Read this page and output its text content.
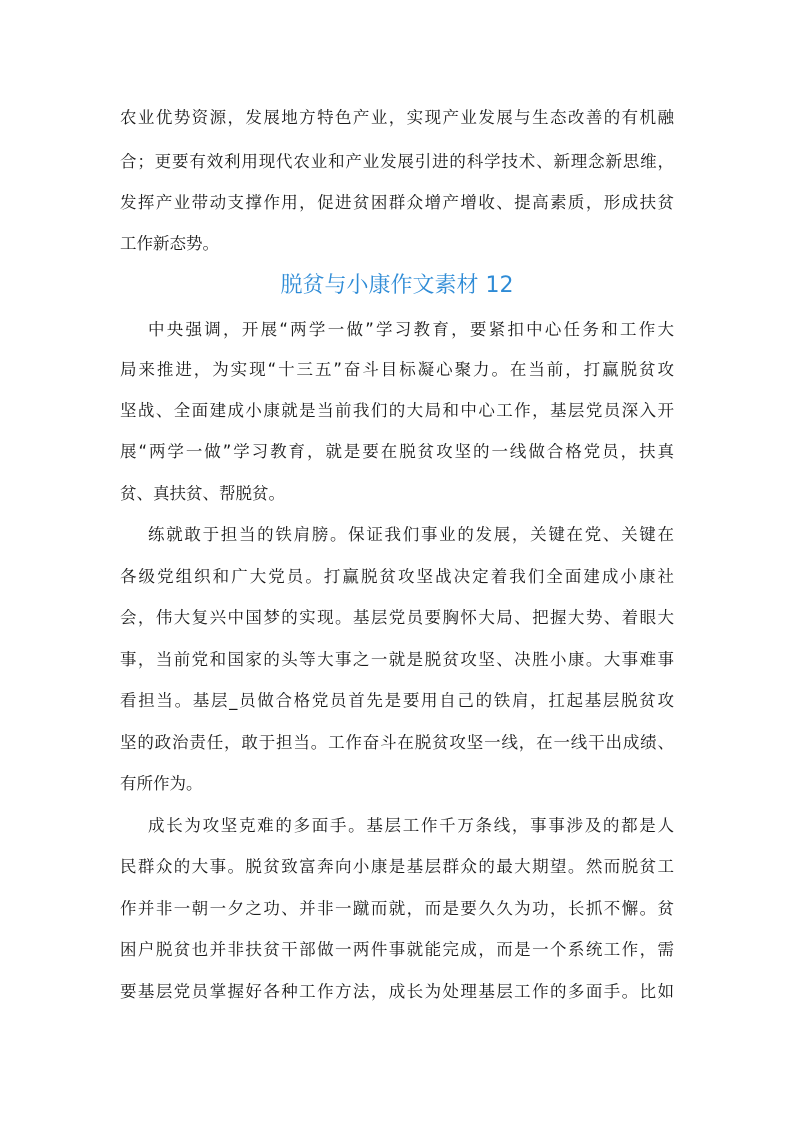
农业优势资源，发展地方特色产业，实现产业发展与生态改善的有机融
合；更要有效利用现代农业和产业发展引进的科学技术、新理念新思维，
发挥产业带动支撑作用，促进贫困群众增产增收、提高素质，形成扶贫
工作新态势。
脱贫与小康作文素材 12
中央强调，开展“两学一做”学习教育，要紧扣中心任务和工作大
局来推进，为实现“十三五”奋斗目标凝心聚力。在当前，打赢脱贫攻
坚战、全面建成小康就是当前我们的大局和中心工作，基层党员深入开
展“两学一做”学习教育，就是要在脱贫攻坚的一线做合格党员，扶真
贫、真扶贫、帮脱贫。
练就敢于担当的铁肩膀。保证我们事业的发展，关键在党、关键在
各级党组织和广大党员。打赢脱贫攻坚战决定着我们全面建成小康社
会，伟大复兴中国梦的实现。基层党员要胸怀大局、把握大势、着眼大
事，当前党和国家的头等大事之一就是脱贫攻坚、决胜小康。大事难事
看担当。基层_员做合格党员首先是要用自己的铁肩，扛起基层脱贫攻
坚的政治责任，敢于担当。工作奋斗在脱贫攻坚一线，在一线干出成绩、
有所作为。
成长为攻坚克难的多面手。基层工作千万条线，事事涉及的都是人
民群众的大事。脱贫致富奔向小康是基层群众的最大期望。然而脱贫工
作并非一朝一夕之功、并非一蹴而就，而是要久久为功，长抓不懈。贫
困户脱贫也并非扶贫干部做一两件事就能完成，而是一个系统工作，需
要基层党员掌握好各种工作方法，成长为处理基层工作的多面手。比如
